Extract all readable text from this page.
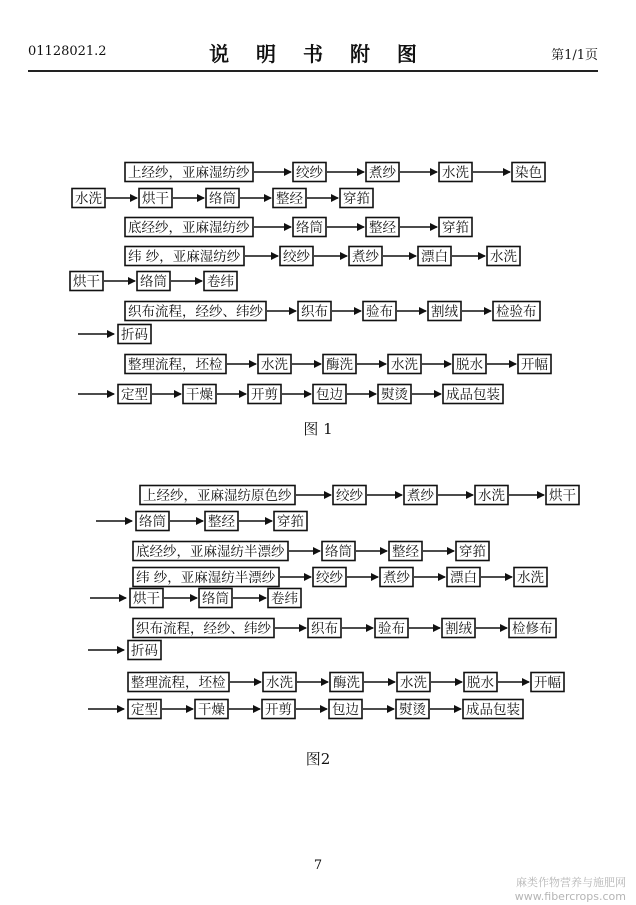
01128021.2	说 明 书 附 图	第1/1页
上经纱，亚麻湿纺纱	绞纱	煮纱	水洗	染色
水洗	烘干	络筒	整经	穿筘
底经纱，亚麻湿纺纱	络筒	整经	穿筘
纬 纱，亚麻湿纺纱	绞纱	煮纱	漂白	水洗
烘干	络筒	卷纬
织布流程，经纱、纬纱	织布	验布	割绒	检验布
折码
整理流程，坯检	水洗	酶洗	水洗	脱水	开幅
定型	干燥	开剪	包边	熨烫	成品包装
上经纱，亚麻湿纺原色纱	绞纱	煮纱	水洗	烘干
络筒	整经	穿筘
底经纱，亚麻湿纺半漂纱	络筒	整经	穿筘
纬 纱，亚麻湿纺半漂纱	绞纱	煮纱	漂白	水洗
烘干	络筒	卷纬
织布流程，经纱、纬纱	织布	验布	割绒	检修布
折码
整理流程，坯检	水洗	酶洗	水洗	脱水	开幅
定型	干燥	开剪	包边	熨烫	成品包装
图 1
图2
7
麻类作物营养与施肥网
www.fibercrops.com
